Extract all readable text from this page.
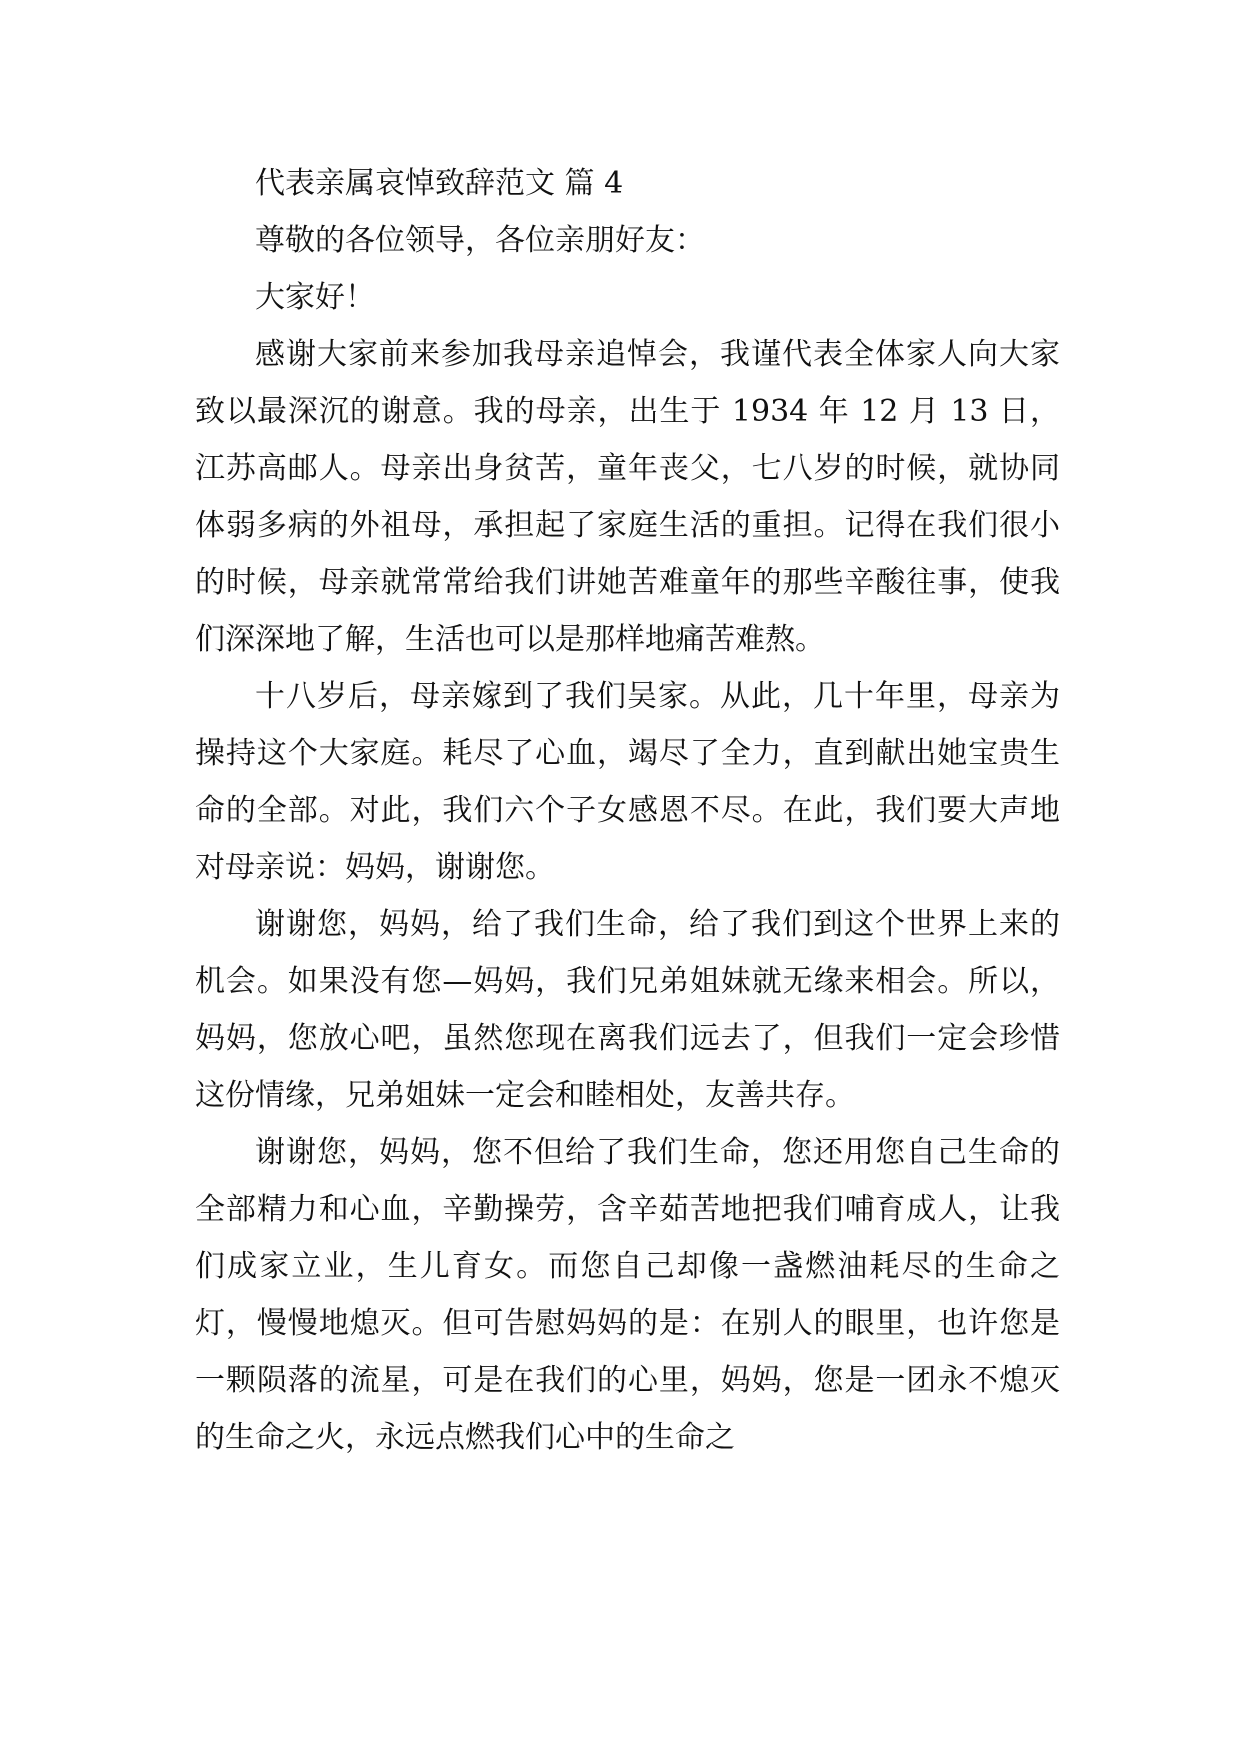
代表亲属哀悼致辞范文 篇 4

尊敬的各位领导，各位亲朋好友：

大家好！

感谢大家前来参加我母亲追悼会，我谨代表全体家人向大家致以最深沉的谢意。我的母亲，出生于 1934 年 12 月 13 日，江苏高邮人。母亲出身贫苦，童年丧父，七八岁的时候，就协同体弱多病的外祖母，承担起了家庭生活的重担。记得在我们很小的时候，母亲就常常给我们讲她苦难童年的那些辛酸往事，使我们深深地了解，生活也可以是那样地痛苦难熬。

十八岁后，母亲嫁到了我们吴家。从此，几十年里，母亲为操持这个大家庭。耗尽了心血，竭尽了全力，直到献出她宝贵生命的全部。对此，我们六个子女感恩不尽。在此，我们要大声地对母亲说：妈妈，谢谢您。

谢谢您，妈妈，给了我们生命，给了我们到这个世界上来的机会。如果没有您—妈妈，我们兄弟姐妹就无缘来相会。所以，妈妈，您放心吧，虽然您现在离我们远去了，但我们一定会珍惜这份情缘，兄弟姐妹一定会和睦相处，友善共存。

谢谢您，妈妈，您不但给了我们生命，您还用您自己生命的全部精力和心血，辛勤操劳，含辛茹苦地把我们哺育成人，让我们成家立业，生儿育女。而您自己却像一盏燃油耗尽的生命之灯，慢慢地熄灭。但可告慰妈妈的是：在别人的眼里，也许您是一颗陨落的流星，可是在我们的心里，妈妈，您是一团永不熄灭的生命之火，永远点燃我们心中的生命之
